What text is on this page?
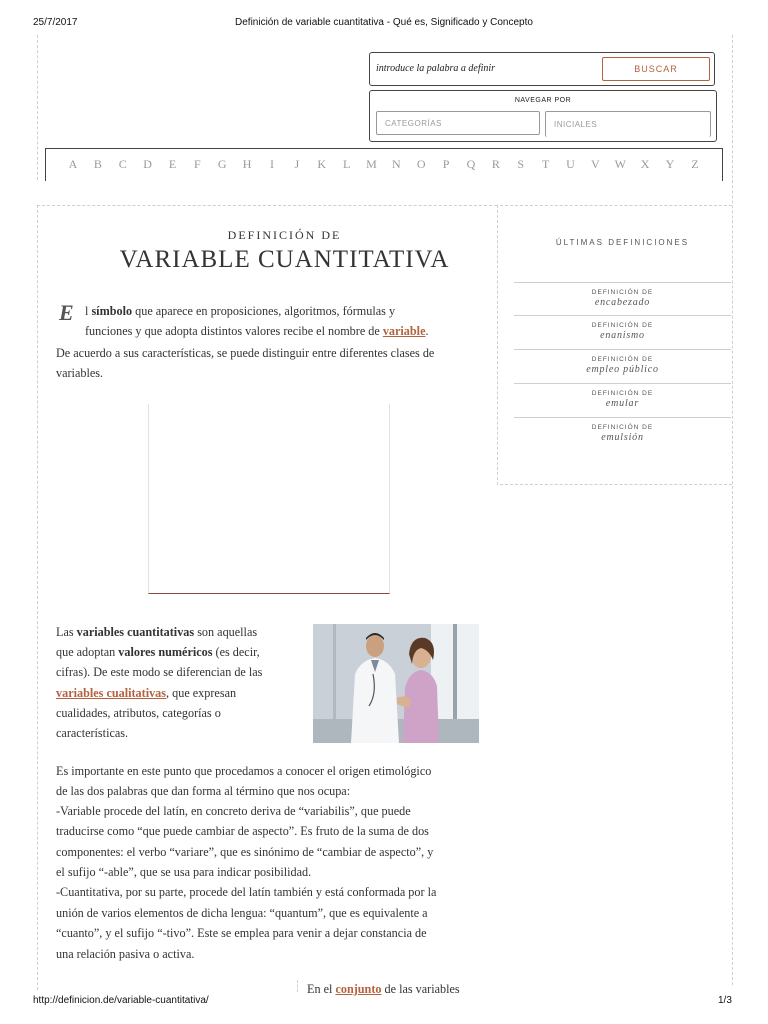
25/7/2017	Definición de variable cuantitativa - Qué es, Significado y Concepto
introduce la palabra a definir
BUSCAR
NAVEGAR POR
CATEGORÍAS	INICIALES
A B C D E	F	G H	I	J	K L M N O	P	Q R	S	T U V W X Y Z
DEFINICIÓN DE
VARIABLE CUANTITATIVA
E l símbolo que aparece en proposiciones, algoritmos, fórmulas y
funciones y que adopta distintos valores recibe el nombre de variable.
De acuerdo a sus características, se puede distinguir entre diferentes clases de
variables.
Las variables cuantitativas son aquellas
que adoptan valores numéricos (es decir,
cifras). De este modo se diferencian de las
variables cualitativas, que expresan
cualidades, atributos, categorías o
características.
Es importante en este punto que procedamos a conocer el origen etimológico
de las dos palabras que dan forma al término que nos ocupa:
-Variable procede del latín, en concreto deriva de “variabilis”, que puede
traducirse como “que puede cambiar de aspecto”. Es fruto de la suma de dos
componentes: el verbo “variare”, que es sinónimo de “cambiar de aspecto”, y
el sufijo “-able”, que se usa para indicar posibilidad.
-Cuantitativa, por su parte, procede del latín también y está conformada por la
unión de varios elementos de dicha lengua: “quantum”, que es equivalente a
“cuanto”, y el sufijo “-tivo”. Este se emplea para venir a dejar constancia de
una relación pasiva o activa.
En el conjunto de las variables
ÚLTIMAS DEFINICIONES
DEFINICIÓN DE
encabezado
DEFINICIÓN DE
enanismo
DEFINICIÓN DE
empleo público
DEFINICIÓN DE
emular
DEFINICIÓN DE
emulsión
http://definicion.de/variable-cuantitativa/	1/3
